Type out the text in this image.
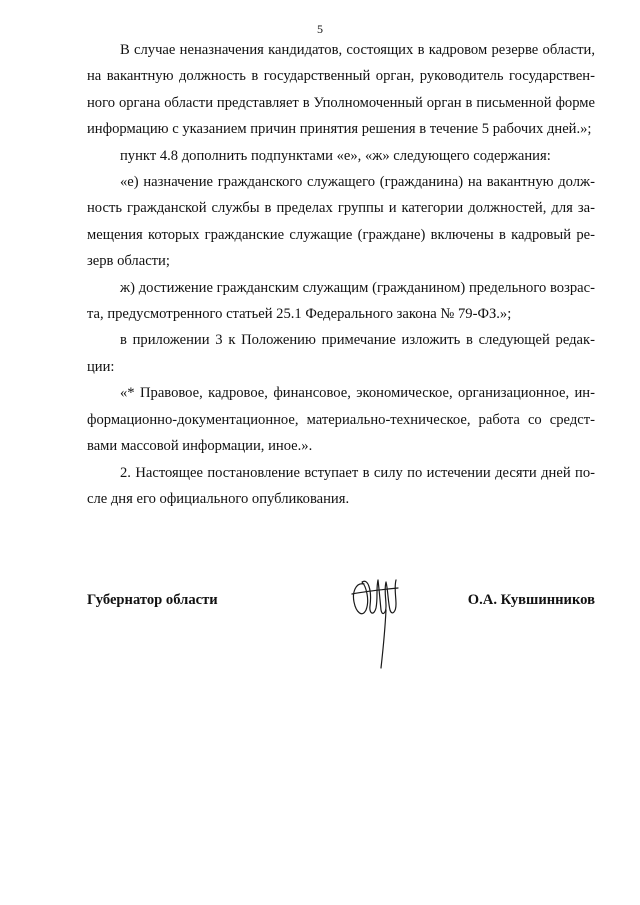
5

В случае неназначения кандидатов, состоящих в кадровом резерве области, на вакантную должность в государственный орган, руководитель государственного органа области представляет в Уполномоченный орган в письменной форме информацию с указанием причин принятия решения в течение 5 рабочих дней.»;

пункт 4.8 дополнить подпунктами «е», «ж» следующего содержания:

«е) назначение гражданского служащего (гражданина) на вакантную должность гражданской службы в пределах группы и категории должностей, для замещения которых гражданские служащие (граждане) включены в кадровый резерв области;

ж) достижение гражданским служащим (гражданином) предельного возраста, предусмотренного статьей 25.1 Федерального закона № 79-ФЗ.»;

в приложении 3 к Положению примечание изложить в следующей редакции:

«* Правовое, кадровое, финансовое, экономическое, организационное, информационно-документационное, материально-техническое, работа со средствами массовой информации, иное.».

2. Настоящее постановление вступает в силу по истечении десяти дней после дня его официального опубликования.

Губернатор области	О.А. Кувшинников
